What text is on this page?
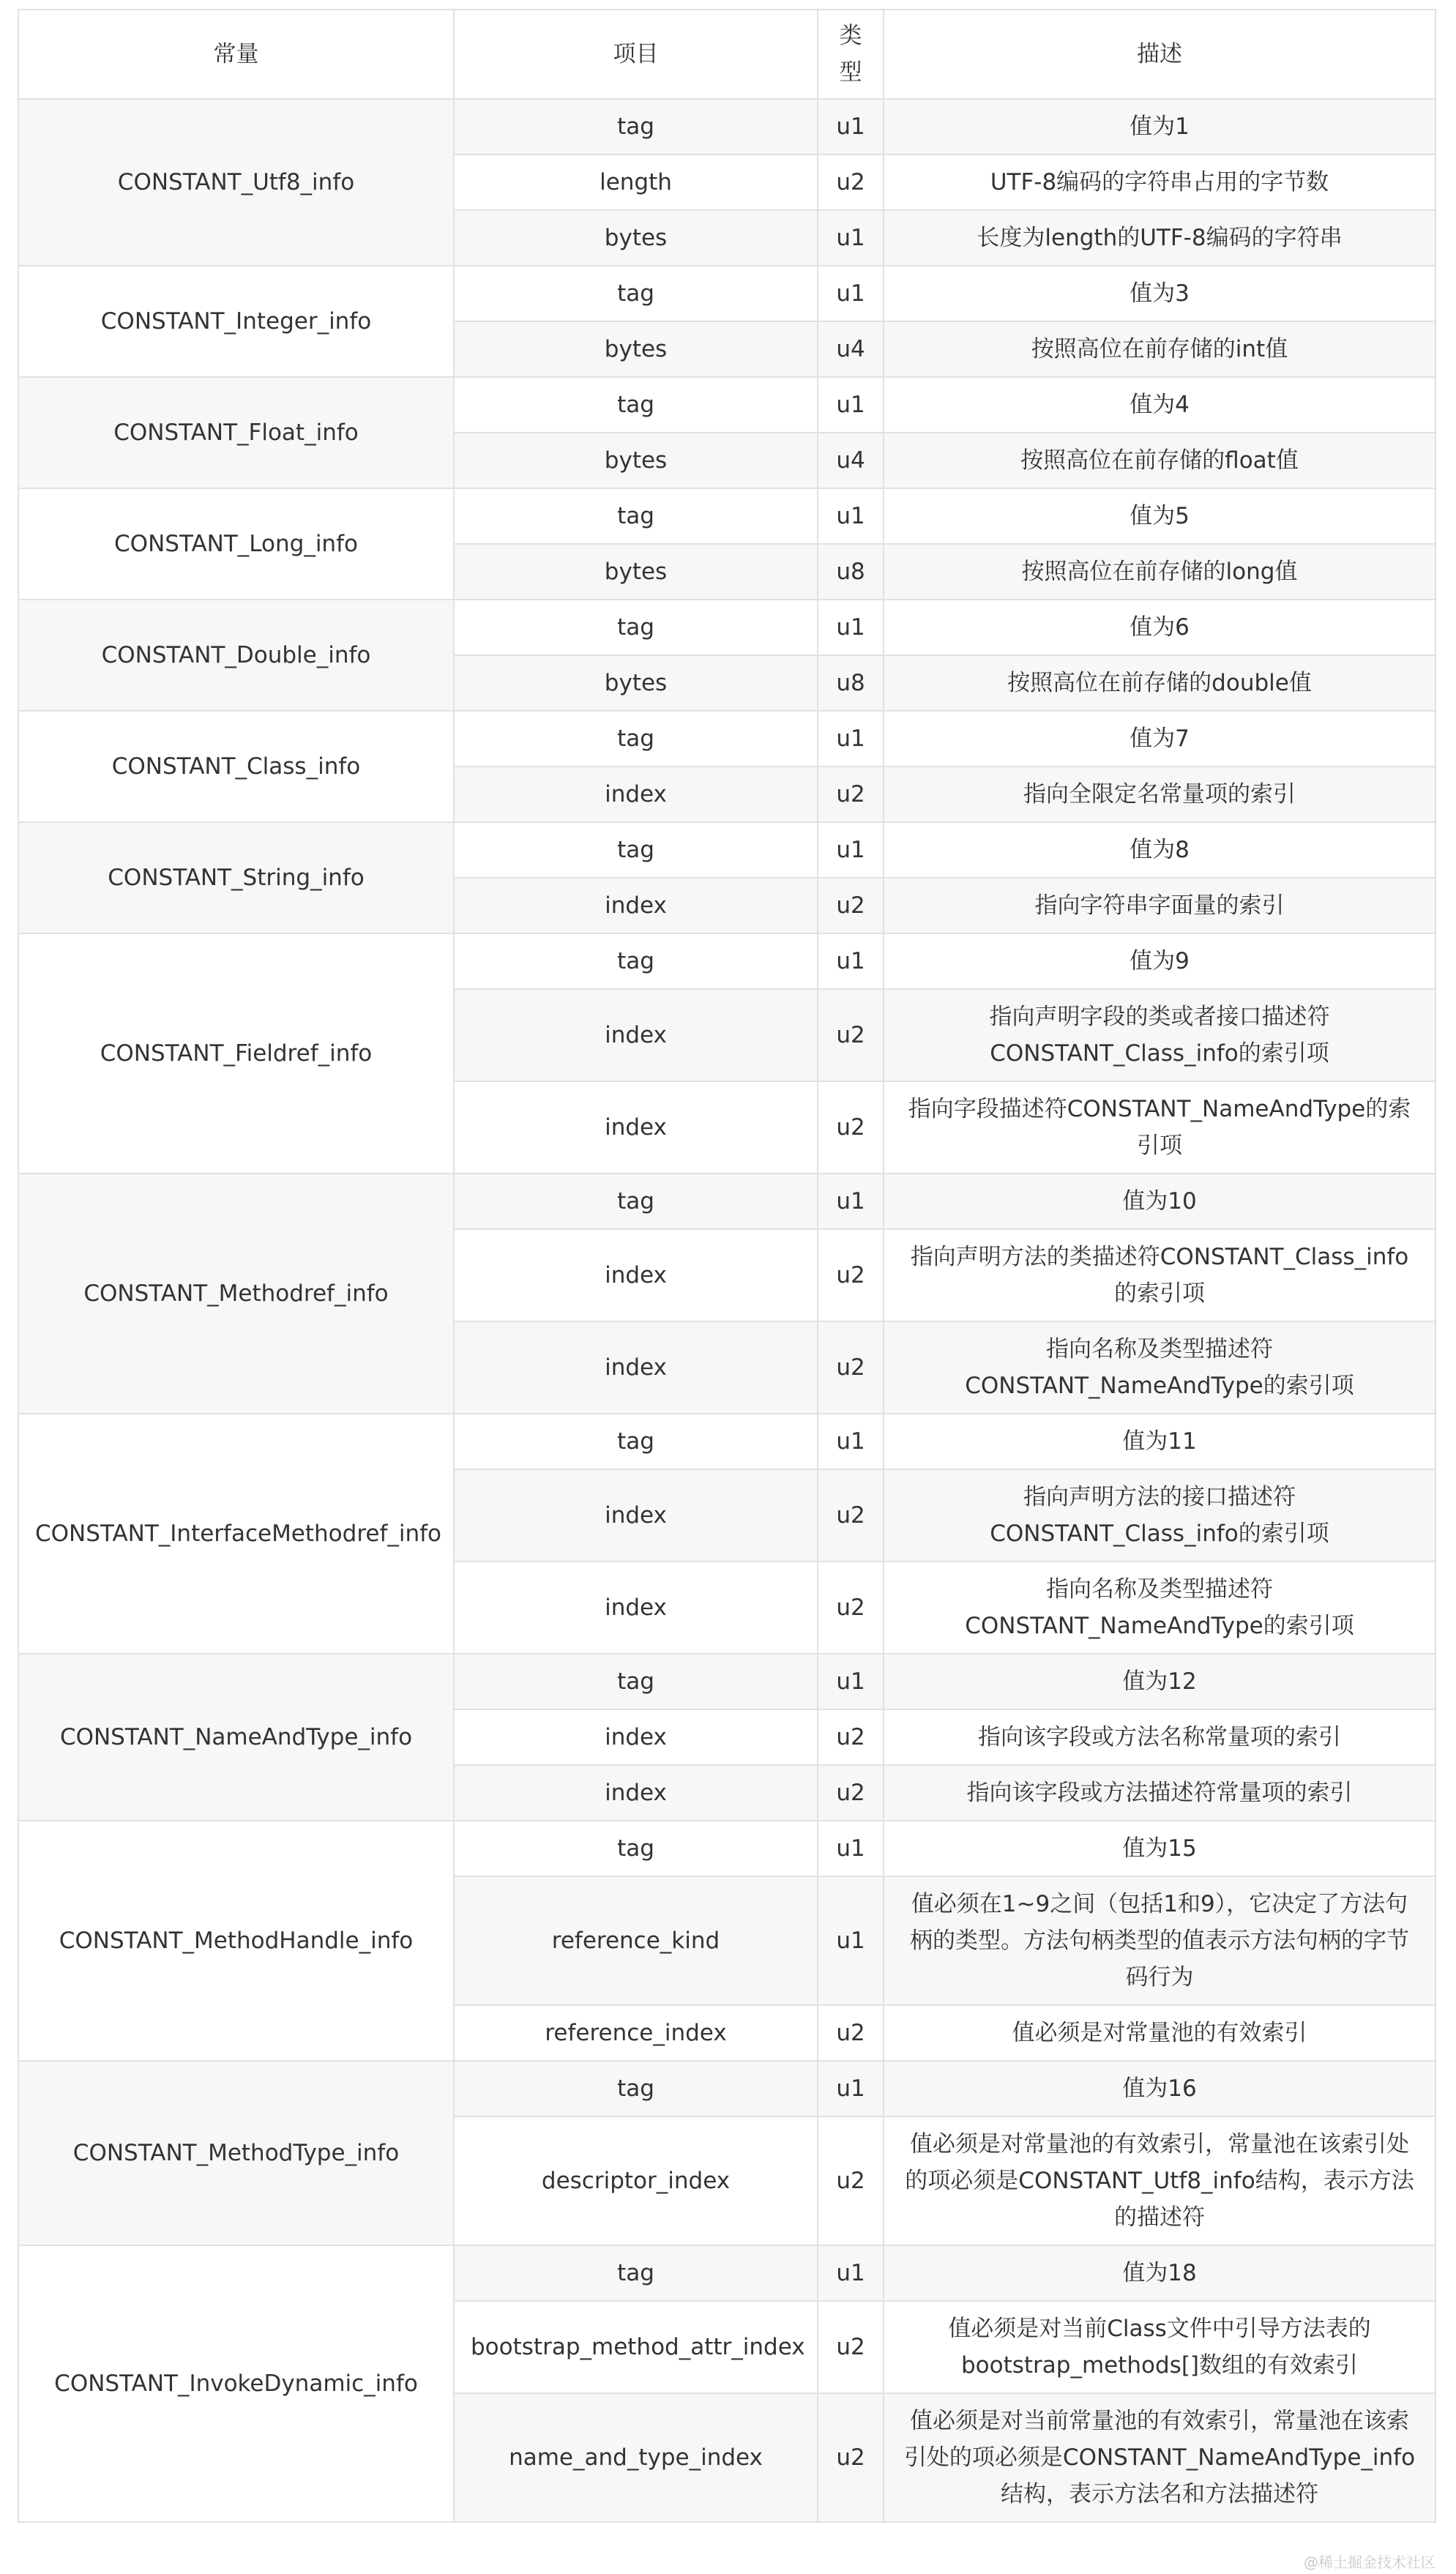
常量	项目	类型	描述
CONSTANT_Utf8_info	tag	u1	值为1
	length	u2	UTF-8编码的字符串占用的字节数
	bytes	u1	长度为length的UTF-8编码的字符串
CONSTANT_Integer_info	tag	u1	值为3
	bytes	u4	按照高位在前存储的int值
CONSTANT_Float_info	tag	u1	值为4
	bytes	u4	按照高位在前存储的float值
CONSTANT_Long_info	tag	u1	值为5
	bytes	u8	按照高位在前存储的long值
CONSTANT_Double_info	tag	u1	值为6
	bytes	u8	按照高位在前存储的double值
CONSTANT_Class_info	tag	u1	值为7
	index	u2	指向全限定名常量项的索引
CONSTANT_String_info	tag	u1	值为8
	index	u2	指向字符串字面量的索引
CONSTANT_Fieldref_info	tag	u1	值为9
	index	u2	指向声明字段的类或者接口描述符CONSTANT_Class_info的索引项
	index	u2	指向字段描述符CONSTANT_NameAndType的索引项
CONSTANT_Methodref_info	tag	u1	值为10
	index	u2	指向声明方法的类描述符CONSTANT_Class_info的索引项
	index	u2	指向名称及类型描述符CONSTANT_NameAndType的索引项
CONSTANT_InterfaceMethodref_info	tag	u1	值为11
	index	u2	指向声明方法的接口描述符CONSTANT_Class_info的索引项
	index	u2	指向名称及类型描述符CONSTANT_NameAndType的索引项
CONSTANT_NameAndType_info	tag	u1	值为12
	index	u2	指向该字段或方法名称常量项的索引
	index	u2	指向该字段或方法描述符常量项的索引
CONSTANT_MethodHandle_info	tag	u1	值为15
	reference_kind	u1	值必须在1~9之间（包括1和9），它决定了方法句柄的类型。方法句柄类型的值表示方法句柄的字节码行为
	reference_index	u2	值必须是对常量池的有效索引
CONSTANT_MethodType_info	tag	u1	值为16
	descriptor_index	u2	值必须是对常量池的有效索引，常量池在该索引处的项必须是CONSTANT_Utf8_info结构，表示方法的描述符
CONSTANT_InvokeDynamic_info	tag	u1	值为18
	bootstrap_method_attr_index	u2	值必须是对当前Class文件中引导方法表的bootstrap_methods[]数组的有效索引
	name_and_type_index	u2	值必须是对当前常量池的有效索引，常量池在该索引处的项必须是CONSTANT_NameAndType_info结构，表示方法名和方法描述符
@稀土掘金技术社区
